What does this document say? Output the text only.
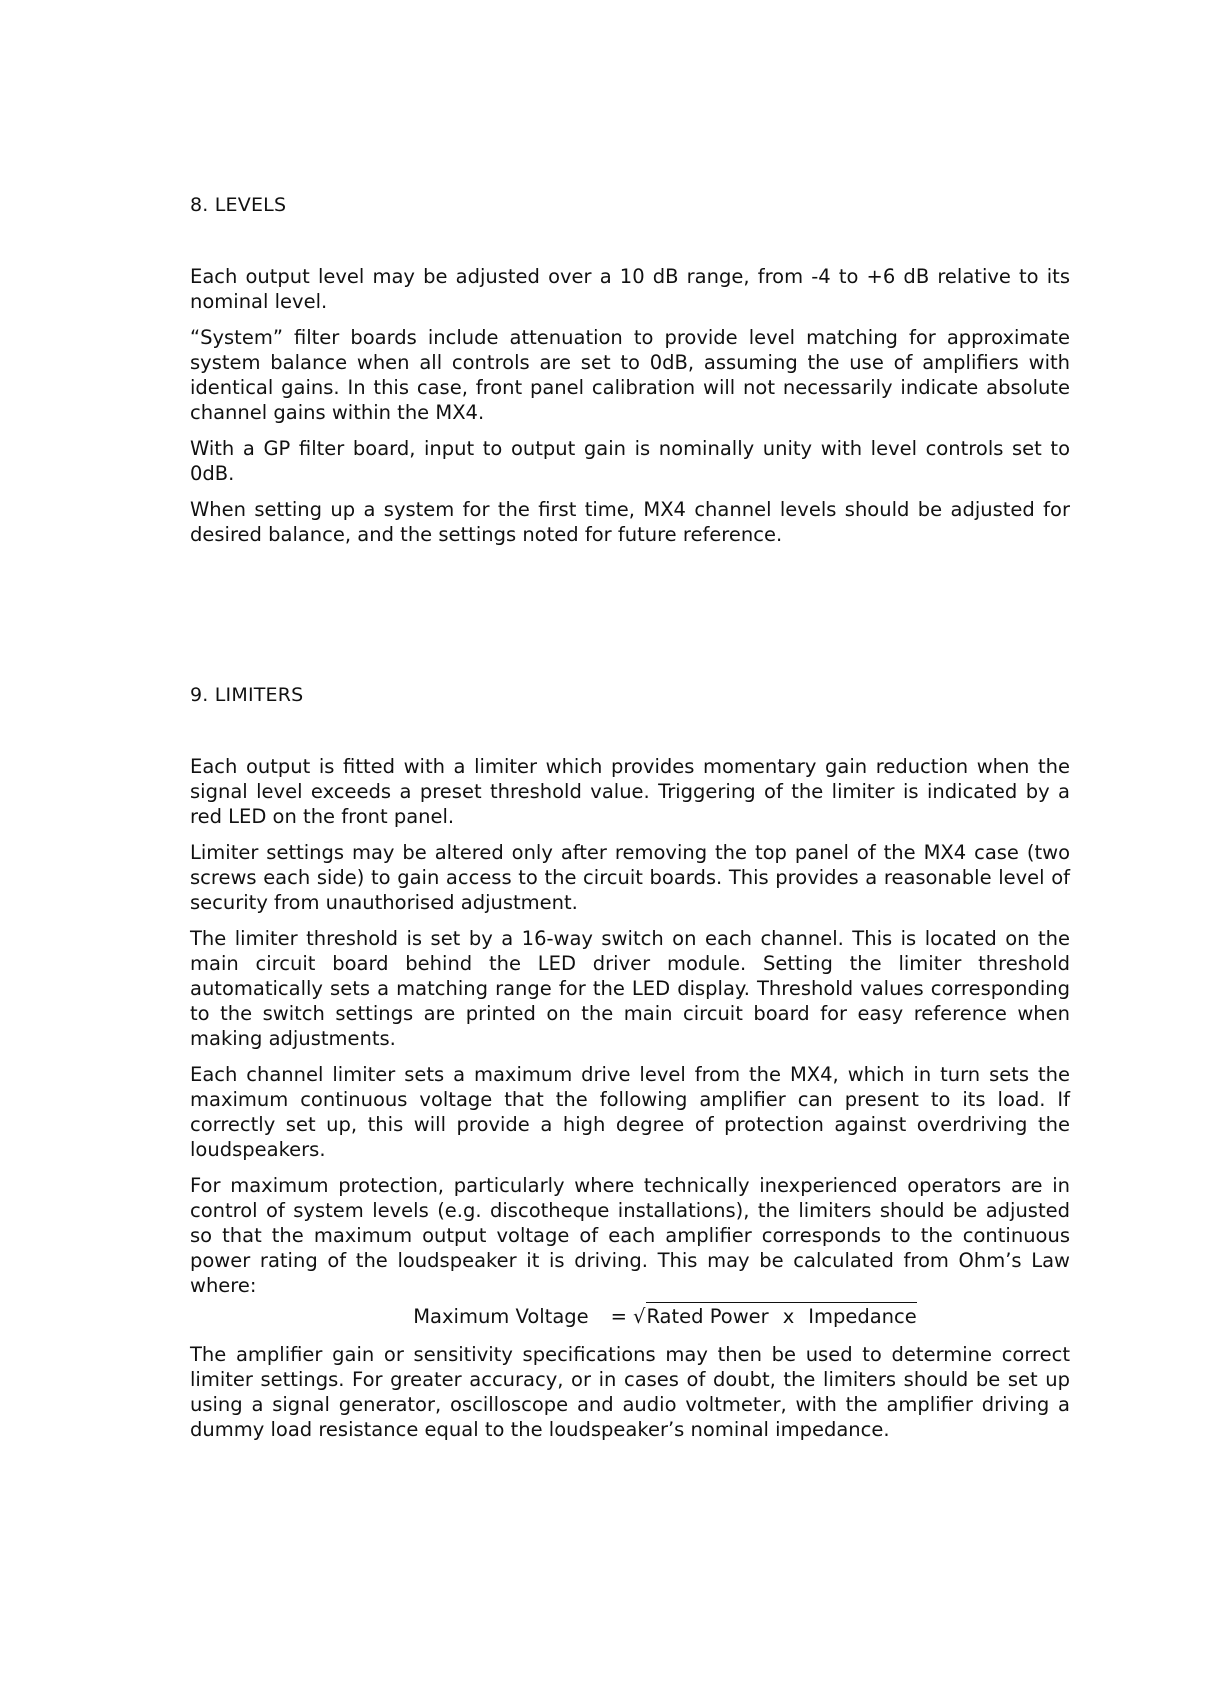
8. LEVELS

Each output level may be adjusted over a 10 dB range, from -4 to +6 dB relative to its nominal level.

“System” filter boards include attenuation to provide level matching for approximate system balance when all controls are set to 0dB, assuming the use of amplifiers with identical gains. In this case, front panel calibration will not necessarily indicate absolute channel gains within the MX4.

With a GP filter board, input to output gain is nominally unity with level controls set to 0dB.

When setting up a system for the first time, MX4 channel levels should be adjusted for desired balance, and the settings noted for future reference.

9. LIMITERS

Each output is fitted with a limiter which provides momentary gain reduction when the signal level exceeds a preset threshold value. Triggering of the limiter is indicated by a red LED on the front panel.

Limiter settings may be altered only after removing the top panel of the MX4 case (two screws each side) to gain access to the circuit boards. This provides a reasonable level of security from unauthorised adjustment.

The limiter threshold is set by a 16-way switch on each channel. This is located on the main circuit board behind the LED driver module. Setting the limiter threshold automatically sets a matching range for the LED display. Threshold values corresponding to the switch settings are printed on the main circuit board for easy reference when making adjustments.

Each channel limiter sets a maximum drive level from the MX4, which in turn sets the maximum continuous voltage that the following amplifier can present to its load. If correctly set up, this will provide a high degree of protection against overdriving the loudspeakers.

For maximum protection, particularly where technically inexperienced operators are in control of system levels (e.g. discotheque installations), the limiters should be adjusted so that the maximum output voltage of each amplifier corresponds to the continuous power rating of the loudspeaker it is driving. This may be calculated from Ohm’s Law where:

Maximum Voltage = √ Rated Power x Impedance

The amplifier gain or sensitivity specifications may then be used to determine correct limiter settings. For greater accuracy, or in cases of doubt, the limiters should be set up using a signal generator, oscilloscope and audio voltmeter, with the amplifier driving a dummy load resistance equal to the loudspeaker’s nominal impedance.
